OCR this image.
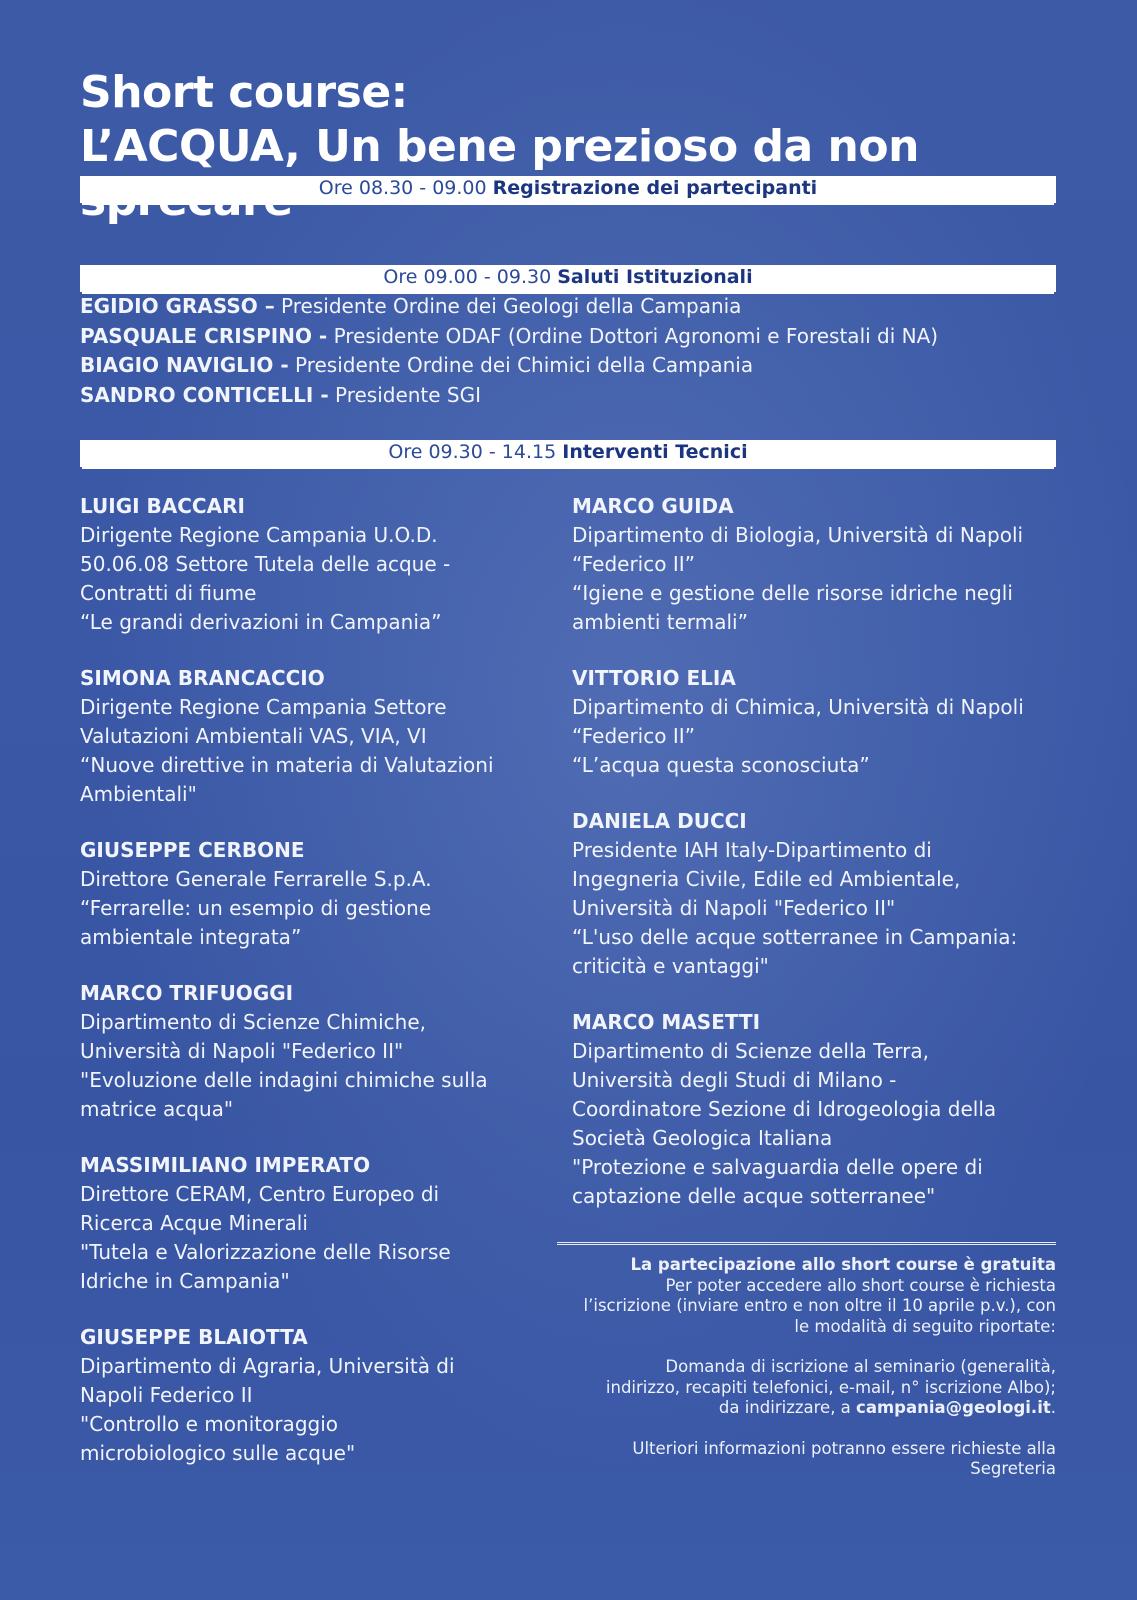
Short course:
L’ACQUA, Un bene prezioso da non
Ore 08.30 - 09.00 Registrazione dei partecipanti
Ore 09.00 - 09.30 Saluti Istituzionali
EGIDIO GRASSO – Presidente Ordine dei Geologi della Campania
PASQUALE CRISPINO - Presidente ODAF (Ordine Dottori Agronomi e Forestali di NA)
BIAGIO NAVIGLIO - Presidente Ordine dei Chimici della Campania
SANDRO CONTICELLI - Presidente SGI
Ore 09.30 - 14.15 Interventi Tecnici
LUIGI BACCARI
Dirigente Regione Campania U.O.D.
50.06.08 Settore Tutela delle acque -
Contratti di fiume
“Le grandi derivazioni in Campania”
SIMONA BRANCACCIO
Dirigente Regione Campania Settore
Valutazioni Ambientali VAS, VIA, VI
“Nuove direttive in materia di Valutazioni
Ambientali"
GIUSEPPE CERBONE
Direttore Generale Ferrarelle S.p.A.
“Ferrarelle: un esempio di gestione
ambientale integrata”
MARCO TRIFUOGGI
Dipartimento di Scienze Chimiche,
Università di Napoli "Federico II"
"Evoluzione delle indagini chimiche sulla
matrice acqua"
MASSIMILIANO IMPERATO
Direttore CERAM, Centro Europeo di
Ricerca Acque Minerali
"Tutela e Valorizzazione delle Risorse
Idriche in Campania"
GIUSEPPE BLAIOTTA
Dipartimento di Agraria, Università di
Napoli Federico II
"Controllo e monitoraggio
microbiologico sulle acque"
MARCO GUIDA
Dipartimento di Biologia, Università di Napoli
“Federico II”
“Igiene e gestione delle risorse idriche negli
ambienti termali”
VITTORIO ELIA
Dipartimento di Chimica, Università di Napoli
“Federico II”
“L’acqua questa sconosciuta”
DANIELA DUCCI
Presidente IAH Italy-Dipartimento di
Ingegneria Civile, Edile ed Ambientale,
Università di Napoli "Federico II"
“L'uso delle acque sotterranee in Campania:
criticità e vantaggi"
MARCO MASETTI
Dipartimento di Scienze della Terra,
Università degli Studi di Milano -
Coordinatore Sezione di Idrogeologia della
Società Geologica Italiana
"Protezione e salvaguardia delle opere di
captazione delle acque sotterranee"
La partecipazione allo short course è gratuita
Per poter accedere allo short course è richiesta
l’iscrizione (inviare entro e non oltre il 10 aprile p.v.), con
le modalità di seguito riportate:
Domanda di iscrizione al seminario (generalità,
indirizzo, recapiti telefonici, e-mail, n° iscrizione Albo);
da indirizzare, a campania@geologi.it.
Ulteriori informazioni potranno essere richieste alla
Segreteria
